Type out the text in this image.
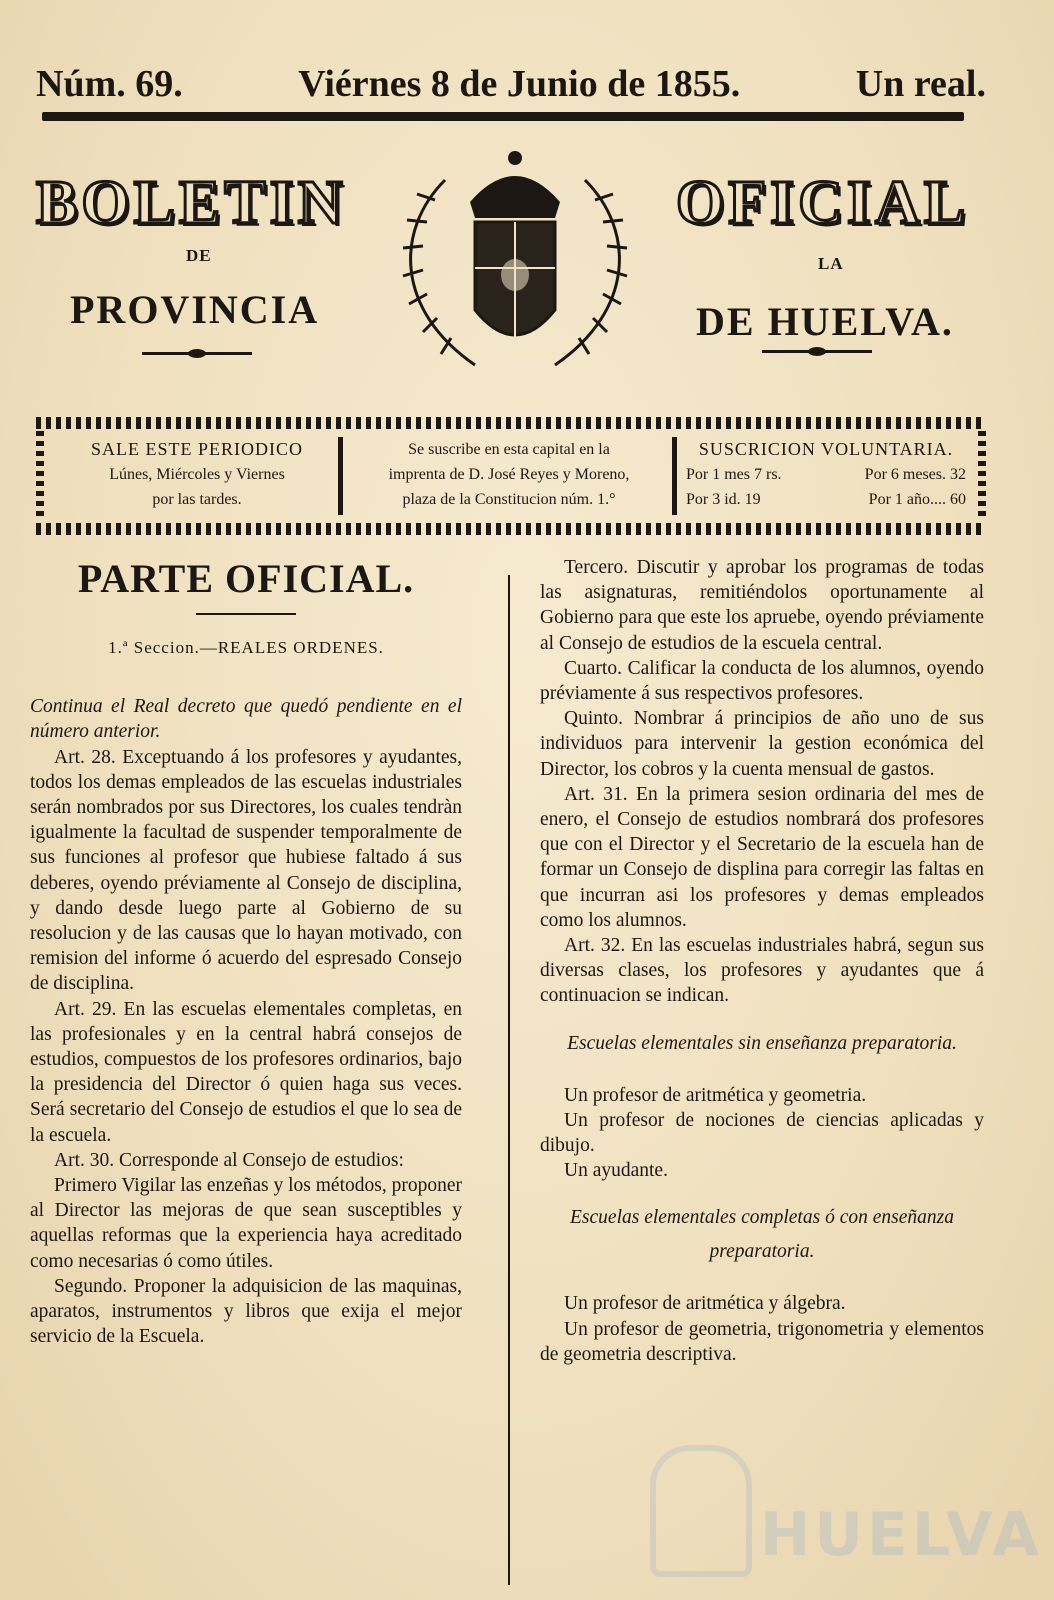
Núm. 69.	Viérnes 8 de Junio de 1855.	Un real.
BOLETIN	OFICIAL
DE	LA
PROVINCIA	DE HUELVA.
SALE ESTE PERIODICO
Lúnes, Miércoles y Viernes
por las tardes.
Se suscribe en esta capital en la
imprenta de D. José Reyes y Moreno,
plaza de la Constitucion núm. 1.°
SUSCRICION VOLUNTARIA.
Por 1 mes 7 rs.	Por 6 meses. 32
Por 3 id. 19	Por 1 año.... 60
PARTE OFICIAL.
1.ª Seccion.—REALES ORDENES.

Continua el Real decreto que quedó pendiente en el número anterior.

Art. 28. Exceptuando á los profesores y ayudantes, todos los demas empleados de las escuelas industriales serán nombrados por sus Directores, los cuales tendràn igualmente la facultad de suspender temporalmente de sus funciones al profesor que hubiese faltado á sus deberes, oyendo préviamente al Consejo de disciplina, y dando desde luego parte al Gobierno de su resolucion y de las causas que lo hayan motivado, con remision del informe ó acuerdo del espresado Consejo de disciplina.

Art. 29. En las escuelas elementales completas, en las profesionales y en la central habrá consejos de estudios, compuestos de los profesores ordinarios, bajo la presidencia del Director ó quien haga sus veces. Será secretario del Consejo de estudios el que lo sea de la escuela.

Art. 30. Corresponde al Consejo de estudios:

Primero Vigilar las enzeñas y los métodos, proponer al Director las mejoras de que sean susceptibles y aquellas reformas que la experiencia haya acreditado como necesarias ó como útiles.

Segundo. Proponer la adquisicion de las maquinas, aparatos, instrumentos y libros que exija el mejor servicio de la Escuela.

Tercero. Discutir y aprobar los programas de todas las asignaturas, remitiéndolos oportunamente al Gobierno para que este los apruebe, oyendo préviamente al Consejo de estudios de la escuela central.

Cuarto. Calificar la conducta de los alumnos, oyendo préviamente á sus respectivos profesores.

Quinto. Nombrar á principios de año uno de sus individuos para intervenir la gestion económica del Director, los cobros y la cuenta mensual de gastos.

Art. 31. En la primera sesion ordinaria del mes de enero, el Consejo de estudios nombrará dos profesores que con el Director y el Secretario de la escuela han de formar un Consejo de displina para corregir las faltas en que incurran asi los profesores y demas empleados como los alumnos.

Art. 32. En las escuelas industriales habrá, segun sus diversas clases, los profesores y ayudantes que á continuacion se indican.

Escuelas elementales sin enseñanza preparatoria.

Un profesor de aritmética y geometria.

Un profesor de nociones de ciencias aplicadas y dibujo.

Un ayudante.

Escuelas elementales completas ó con enseñanza preparatoria.

Un profesor de aritmética y álgebra.

Un profesor de geometria, trigonometria y elementos de geometria descriptiva.

HUELVA
